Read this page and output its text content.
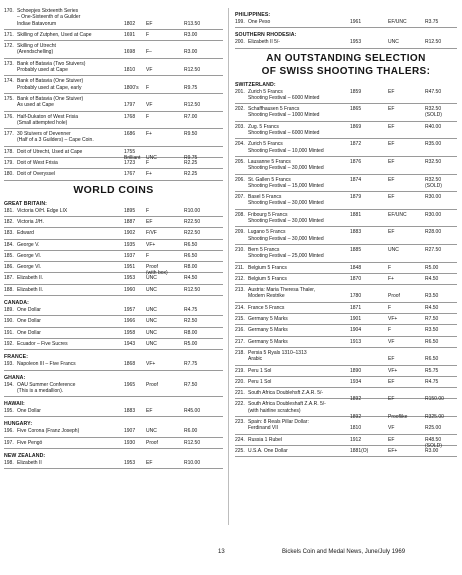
170. Schoepjes Sixteenth Series
– One-Sixteenth of a Guilder
Indiae Batavorum	1802 EF	R13.50
171. Skilling of Zutphen, Used at Cape	1691 F	R3.00
172. Skilling of Utrecht
(Arendschelling)	1698 F–	R3.00
173. Bank of Batavia (Two Stuivers)
Probably used at Cape	1810 VF	R12.50
174. Bank of Batavia (One Stuiver)
Probably used at Cape, early	1800's F	R9.75
175. Bank of Batavia (One Stuiver)
As used at Cape	1797 VF	R12.50
176. Half-Dukaton of West Frisia
(Small attempted hole)
1768 F	R7.00
177. 30 Stuivers of Devenner
(Half of a 3 Guilders) – Cape Coin.
1686 F+	R9.50
178. Doit of Utrecht, Used at Cape	1755
Brilliant UNC	R9.75
179. Doit of West Frisia	1723 F	R2.25
180. Doit of Overyssel	1767 F+	R2.25
WORLD COINS
GREAT BRITAIN:
181. Victoria O/H. Edge LIX	1895 F	R10.00
182. Victoria J/H.	1887 EF	R22.50
183. Edward	1902 F/VF	R22.50
184. George V.	1935 VF+	R6.50
185. George VI.	1937 F	R6.50
186. George VI.	1951 Proof	R8.00
(with box)
187. Elizabeth II.	1953 UNC	R4.50
188. Elizabeth II.	1960 UNC	R12.50
CANADA:
189. One Dollar	1957 UNC	R4.75
190. One Dollar	1966 UNC	R2.50
191. One Dollar	1958 UNC	R8.00
192. Ecuador – Five Sucres	1943 UNC	R5.00
FRANCE:
193. Napoleon III – Five Francs	1868 VF+	R7.75
GHANA:
194. OAU Summer Conference
(This is a medallion).
1965 Proof	R7.50
HAWAII:
195. One Dollar	1883 EF	R45.00
HUNGARY:
196. Five Corona (Franz Joseph)	1907 UNC	R6.00
197. Five Pengö	1930 Proof	R12.50
NEW ZEALAND:
198. Elizabeth II	1953 EF	R10.00
PHILIPPINES:
199. One Peso	1961	EF/UNC	R3.75
SOUTHERN RHODESIA:
200. Elizabeth II 5/-	1953	UNC	R12.50
AN OUTSTANDING SELECTION
OF SWISS SHOOTING THALERS:
SWITZERLAND:
201. Zurich 5 Francs
Shooting Festival – 6000 Minted
1859	EF	R47.50
202. Schaffhausen 5 Francs
Shooting Festival – 1000 Minted
1865	EF	R32.50
(SOLD)
203. Zug. 5 Francs
Shooting Festival – 6000 Minted
1869	EF	R40.00
204. Zurich 5 Francs
Shooting Festival – 10,000 Minted
1872	EF	R35.00
205. Lausanne 5 Francs
Shooting Festival – 30,000 Minted
1876	EF	R32.50
206. St. Gallen 5 Francs
Shooting Festival – 15,000 Minted
1874	EF	R32.50
(SOLD)
207. Basel 5 Francs
Shooting Festival – 30,000 Minted
1879	EF	R30.00
208. Fribourg 5 Francs
Shooting Festival – 30,000 Minted
1881	EF/UNC	R30.00
209. Lugano 5 Francs
Shooting Festival – 30,000 Minted
1883	EF	R28.00
210. Bern 5 Francs
Shooting Festival – 25,000 Minted
1885	UNC	R27.50
211. Belgium 5 Francs	1848	F	R5.00
212. Belgium 5 Francs	1870	F+	R4.50
213. Austria: Maria Theresa Thaler,
Modern Restrike	1780	Proof	R3.50
214. France 5 Francs	1871	F	R4.50
215. Germany 5 Marks	1901	VF+	R7.50
216. Germany 5 Marks	1904	F	R3.50
217. Germany 5 Marks	1913	VF	R6.50
218. Persia 5 Ryals 1310–1313
Arabic	EF	R6.50
219. Peru 1 Sol	1890	VF+	R5.75
220. Peru 1 Sol	1934	EF	R4.75
221. South Africa Doublehsft Z.A.R. 5/-
1892	EF	R150.00
222. South Africa Doubleshaft Z.A.R. 5/-
(with hairline scratches)
1892	Prooflike	R325.00
223. Spain: 8 Reals Pillar Dollar:
Ferdinand VII	1810	VF	R25.00
224. Russia 1 Rubel	1912	EF	R48.50
(SOLD)
225. U.S.A. One Dollar	1881(O)	EF+	R3.00
13	Bickels Coin and Medal News, June/July 1969
